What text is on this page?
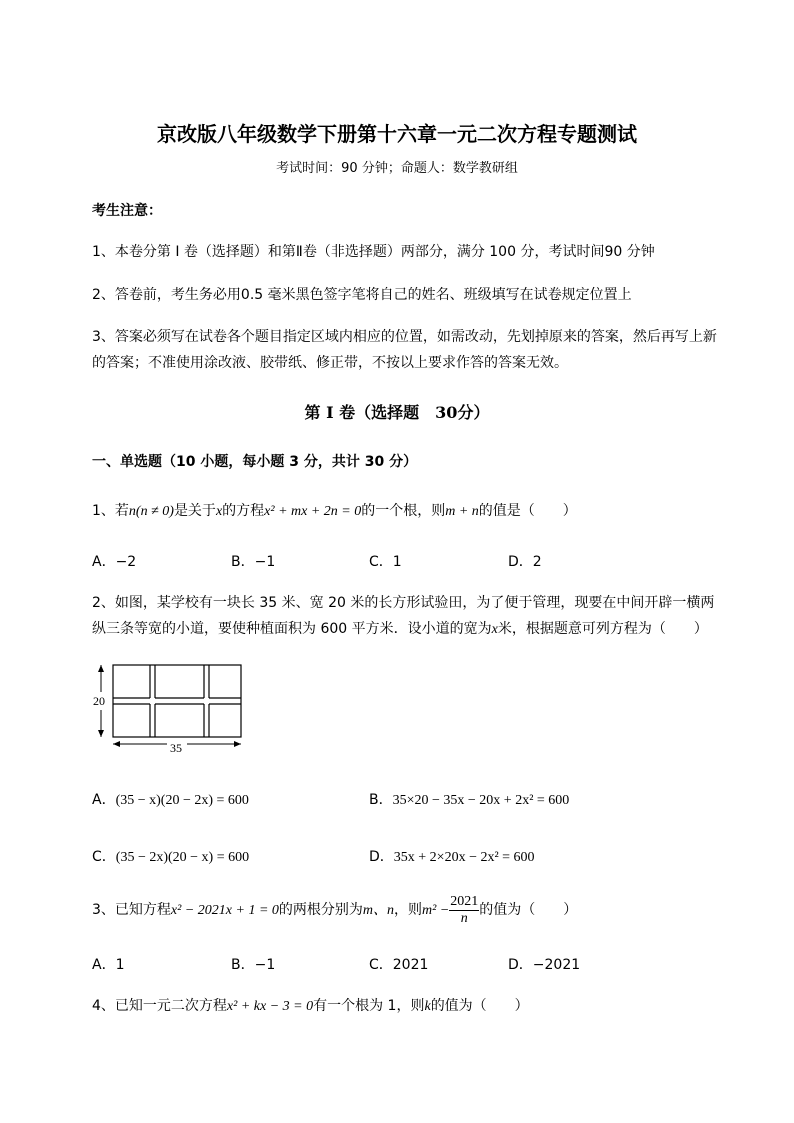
京改版八年级数学下册第十六章一元二次方程专题测试
考试时间：90 分钟；命题人：数学教研组
考生注意：
1、本卷分第 I 卷（选择题）和第Ⅱ卷（非选择题）两部分，满分 100 分，考试时间90 分钟
2、答卷前，考生务必用0.5 毫米黑色签字笔将自己的姓名、班级填写在试卷规定位置上
3、答案必须写在试卷各个题目指定区域内相应的位置，如需改动，先划掉原来的答案，然后再写上新
的答案；不准使用涂改液、胶带纸、修正带，不按以上要求作答的答案无效。
第 I 卷（选择题　30分）
一、单选题（10 小题，每小题 3 分，共计 30 分）
1、若n(n ≠ 0)是关于x的方程x² + mx + 2n = 0的一个根，则m + n的值是（　　）
A．−2	B．−1	C．1	D．2
2、如图，某学校有一块长 35 米、宽 20 米的长方形试验田，为了便于管理，现要在中间开辟一横两
纵三条等宽的小道，要使种植面积为 600 平方米．设小道的宽为x米，根据题意可列方程为（　　）
20
35
A．(35 − x)(20 − 2x) = 600	B．35×20 − 35x − 20x + 2x² = 600
C．(35 − 2x)(20 − x) = 600	D．35x + 2×20x − 2x² = 600
3、已知方程x² − 2021x + 1 = 0的两根分别为m、n，则$m^2 - \frac{2021}{n}$ 的值为（　　）
A．1	B．−1	C．2021	D．−2021
4、已知一元二次方程x² + kx − 3 = 0有一个根为 1，则k的值为（　　）
